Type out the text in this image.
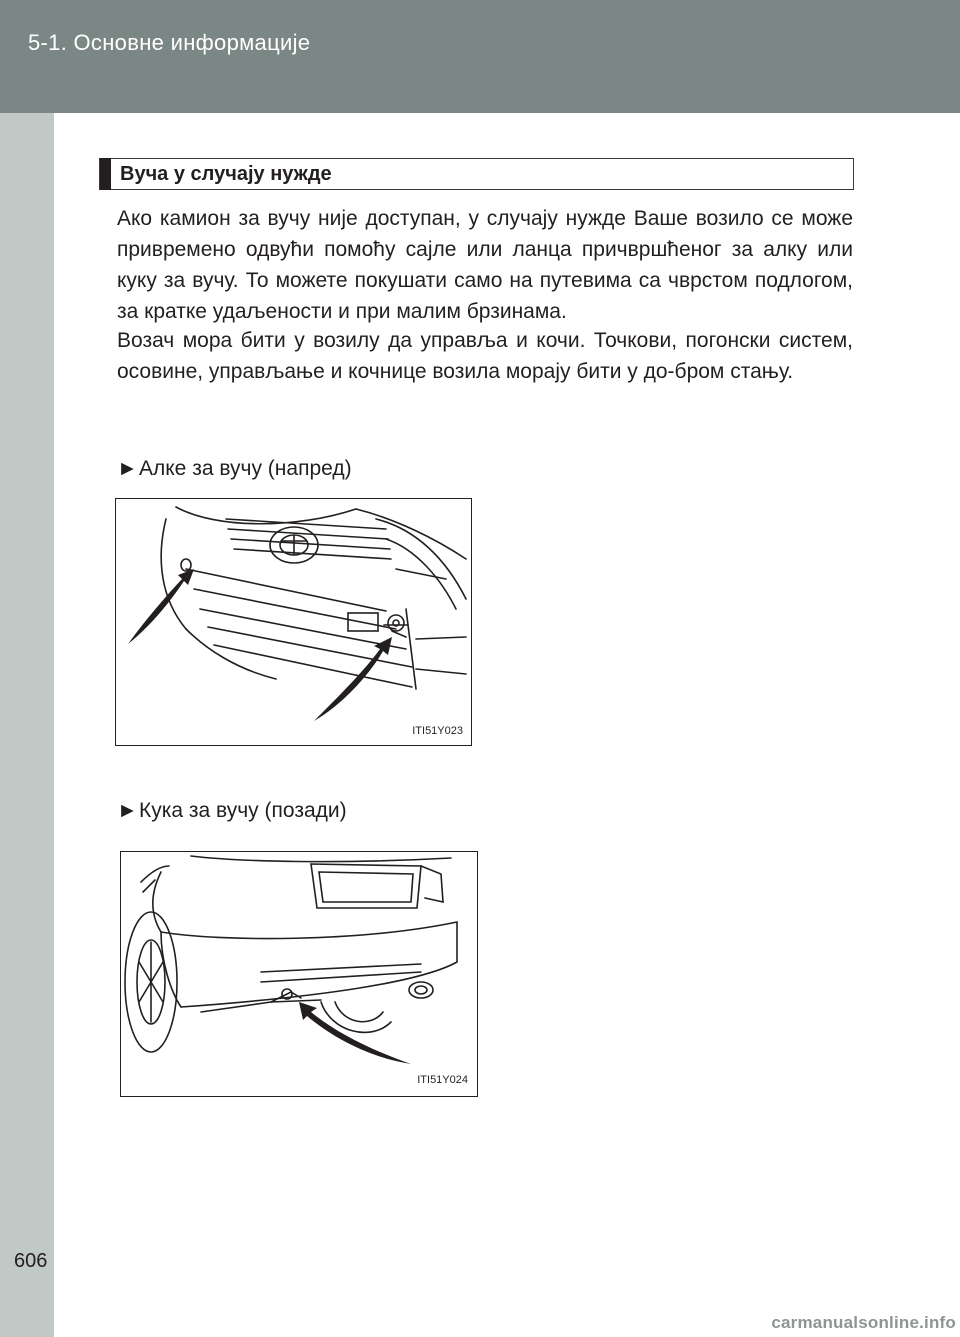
5-1. Основне информације
606
Вуча у случају нужде
Ако камион за вучу није доступан, у случају нужде Ваше возило се може привремено одвући помоћу сајле или ланца причвршћеног за алку или куку за вучу. То можете покушати само на путевима са чврстом подлогом, за кратке удаљености и при малим брзинама.
Возач мора бити у возилу да управља и кочи. Точкови, погонски систем, осовине, управљање и кочнице возила морају бити у до-бром стању.
►Алке за вучу (напред)
ITI51Y023
►Кука за вучу (позади)
ITI51Y024
carmanualsonline.info
